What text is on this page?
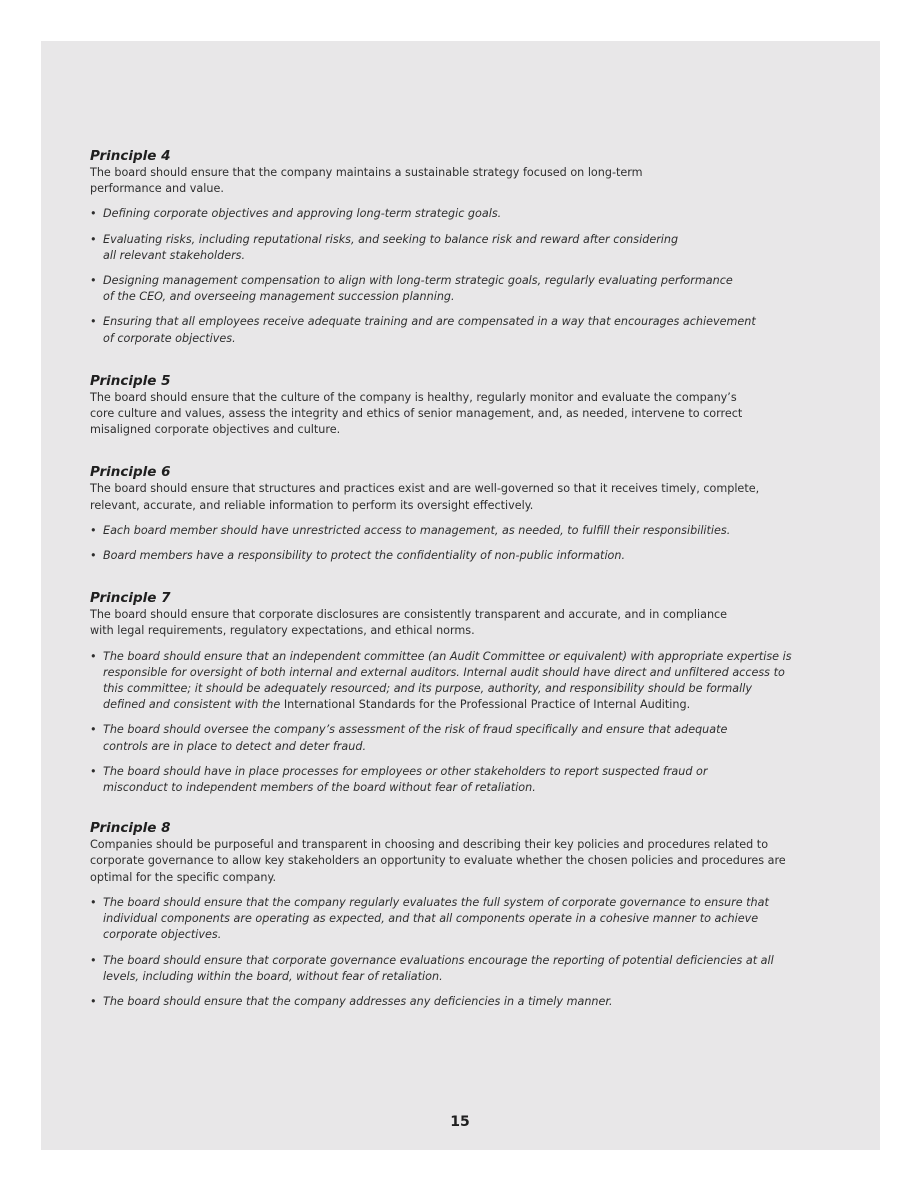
Principle 4

The board should ensure that the company maintains a sustainable strategy focused on long-term performance and value.

• Defining corporate objectives and approving long-term strategic goals.
• Evaluating risks, including reputational risks, and seeking to balance risk and reward after considering all relevant stakeholders.
• Designing management compensation to align with long-term strategic goals, regularly evaluating performance of the CEO, and overseeing management succession planning.
• Ensuring that all employees receive adequate training and are compensated in a way that encourages achievement of corporate objectives.

Principle 5

The board should ensure that the culture of the company is healthy, regularly monitor and evaluate the company’s core culture and values, assess the integrity and ethics of senior management, and, as needed, intervene to correct misaligned corporate objectives and culture.

Principle 6

The board should ensure that structures and practices exist and are well-governed so that it receives timely, complete, relevant, accurate, and reliable information to perform its oversight effectively.

• Each board member should have unrestricted access to management, as needed, to fulfill their responsibilities.
• Board members have a responsibility to protect the confidentiality of non-public information.

Principle 7

The board should ensure that corporate disclosures are consistently transparent and accurate, and in compliance with legal requirements, regulatory expectations, and ethical norms.

• The board should ensure that an independent committee (an Audit Committee or equivalent) with appropriate expertise is responsible for oversight of both internal and external auditors. Internal audit should have direct and unfiltered access to this committee; it should be adequately resourced; and its purpose, authority, and responsibility should be formally defined and consistent with the International Standards for the Professional Practice of Internal Auditing.
• The board should oversee the company’s assessment of the risk of fraud specifically and ensure that adequate controls are in place to detect and deter fraud.
• The board should have in place processes for employees or other stakeholders to report suspected fraud or misconduct to independent members of the board without fear of retaliation.

Principle 8

Companies should be purposeful and transparent in choosing and describing their key policies and procedures related to corporate governance to allow key stakeholders an opportunity to evaluate whether the chosen policies and procedures are optimal for the specific company.

• The board should ensure that the company regularly evaluates the full system of corporate governance to ensure that individual components are operating as expected, and that all components operate in a cohesive manner to achieve corporate objectives.
• The board should ensure that corporate governance evaluations encourage the reporting of potential deficiencies at all levels, including within the board, without fear of retaliation.
• The board should ensure that the company addresses any deficiencies in a timely manner.
15
